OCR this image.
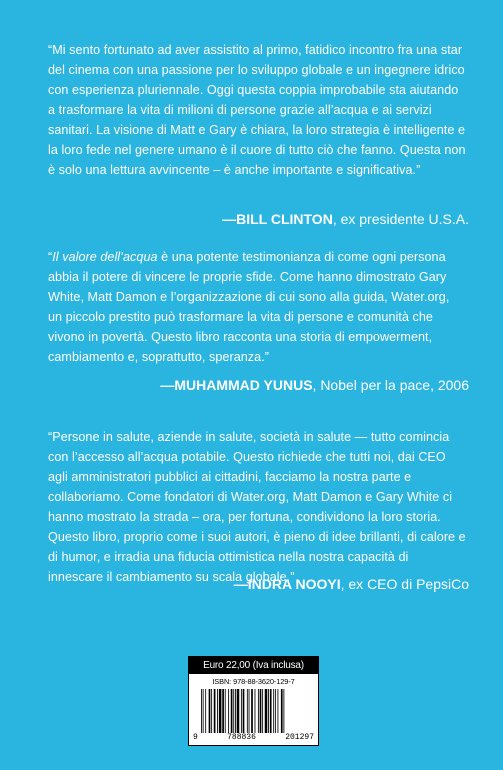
“Mi sento fortunato ad aver assistito al primo, fatidico incontro fra una star del cinema con una passione per lo sviluppo globale e un ingegnere idrico con esperienza pluriennale. Oggi questa coppia improbabile sta aiutando a trasformare la vita di milioni di persone grazie all’acqua e ai servizi sanitari. La visione di Matt e Gary è chiara, la loro strategia è intelligente e la loro fede nel genere umano è il cuore di tutto ciò che fanno. Questa non è solo una lettura avvincente – è anche importante e significativa.”

—BILL CLINTON, ex presidente U.S.A.

“Il valore dell’acqua è una potente testimonianza di come ogni persona abbia il potere di vincere le proprie sfide. Come hanno dimostrato Gary White, Matt Damon e l’organizzazione di cui sono alla guida, Water.org, un piccolo prestito può trasformare la vita di persone e comunità che vivono in povertà. Questo libro racconta una storia di empowerment, cambiamento e, soprattutto, speranza.”

—MUHAMMAD YUNUS, Nobel per la pace, 2006

“Persone in salute, aziende in salute, società in salute — tutto comincia con l’accesso all’acqua potabile. Questo richiede che tutti noi, dai CEO agli amministratori pubblici ai cittadini, facciamo la nostra parte e collaboriamo. Come fondatori di Water.org, Matt Damon e Gary White ci hanno mostrato la strada – ora, per fortuna, condividono la loro storia. Questo libro, proprio come i suoi autori, è pieno di idee brillanti, di calore e di humor, e irradia una fiducia ottimistica nella nostra capacità di innescare il cambiamento su scala globale.”

—INDRA NOOYI, ex CEO di PepsiCo
Euro 22,00 (Iva inclusa)
ISBN: 978-88-3620-129-7
9	788836	201297
